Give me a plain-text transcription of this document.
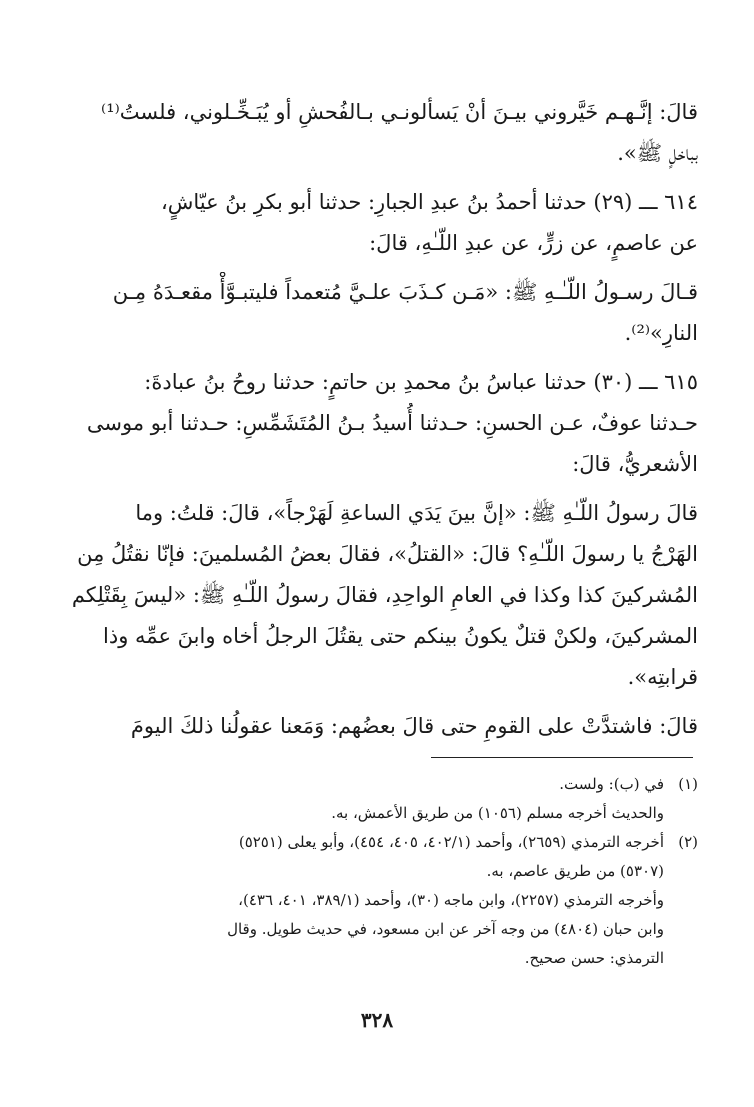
قالَ: إنَّـهـم خَيَّروني بيـنَ أنْ يَسألونـي بـالفُحشِ أو يُبَـخِّـلوني، فلستُ⁽¹⁾
بباخلٍ ﷺ».
٦١٤ ـــ (٢٩) حدثنا أحمدُ بنُ عبدِ الجبارِ: حدثنا أبو بكرِ بنُ عيّاشٍ،
عن عاصمٍ، عن زرٍّ، عن عبدِ اللّـٰهِ، قالَ:
قـالَ رسـولُ اللّـٰـهِ ﷺ: «مَـن كـذَبَ علـيَّ مُتعمداً فليتبـوَّأْ مقعـدَهُ مِـن
النارِ»⁽²⁾.
٦١٥ ـــ (٣٠) حدثنا عباسُ بنُ محمدِ بن حاتمٍ: حدثنا روحُ بنُ عبادةَ:
حـدثنا عوفٌ، عـن الحسنِ: حـدثنا أُسيدُ بـنُ المُتَشَمِّسِ: حـدثنا أبو موسى
الأشعريُّ، قالَ:
قالَ رسولُ اللّـٰهِ ﷺ: «إنَّ بينَ يَدَي الساعةِ لَهَرْجاً»، قالَ: قلتُ: وما
الهَرْجُ يا رسولَ اللّـٰهِ؟ قالَ: «القتلُ»، فقالَ بعضُ المُسلمينَ: فإنّا نقتُلُ مِن
المُشركينَ كذا وكذا في العامِ الواحِدِ، فقالَ رسولُ اللّـٰهِ ﷺ: «ليسَ بِقَتْلِكم
المشركينَ، ولكنْ قتلٌ يكونُ بينكم حتى يقتُلَ الرجلُ أخاه وابنَ عمِّه وذا
قرابتِه».
قالَ: فاشتدَّتْ على القومِ حتى قالَ بعضُهم: وَمَعنا عقولُنا ذلكَ اليومَ
(١)
في (ب): ولست.
والحديث أخرجه مسلم (١٠٥٦) من طريق الأعمش، به.
(٢)
أخرجه الترمذي (٢٦٥٩)، وأحمد (٤٠٢/١، ٤٠٥، ٤٥٤)، وأبو يعلى (٥٢٥١)
(٥٣٠٧) من طريق عاصم، به.
وأخرجه الترمذي (٢٢٥٧)، وابن ماجه (٣٠)، وأحمد (٣٨٩/١، ٤٠١، ٤٣٦)،
وابن حبان (٤٨٠٤) من وجه آخر عن ابن مسعود، في حديث طويل. وقال
الترمذي: حسن صحيح.
٣٢٨
